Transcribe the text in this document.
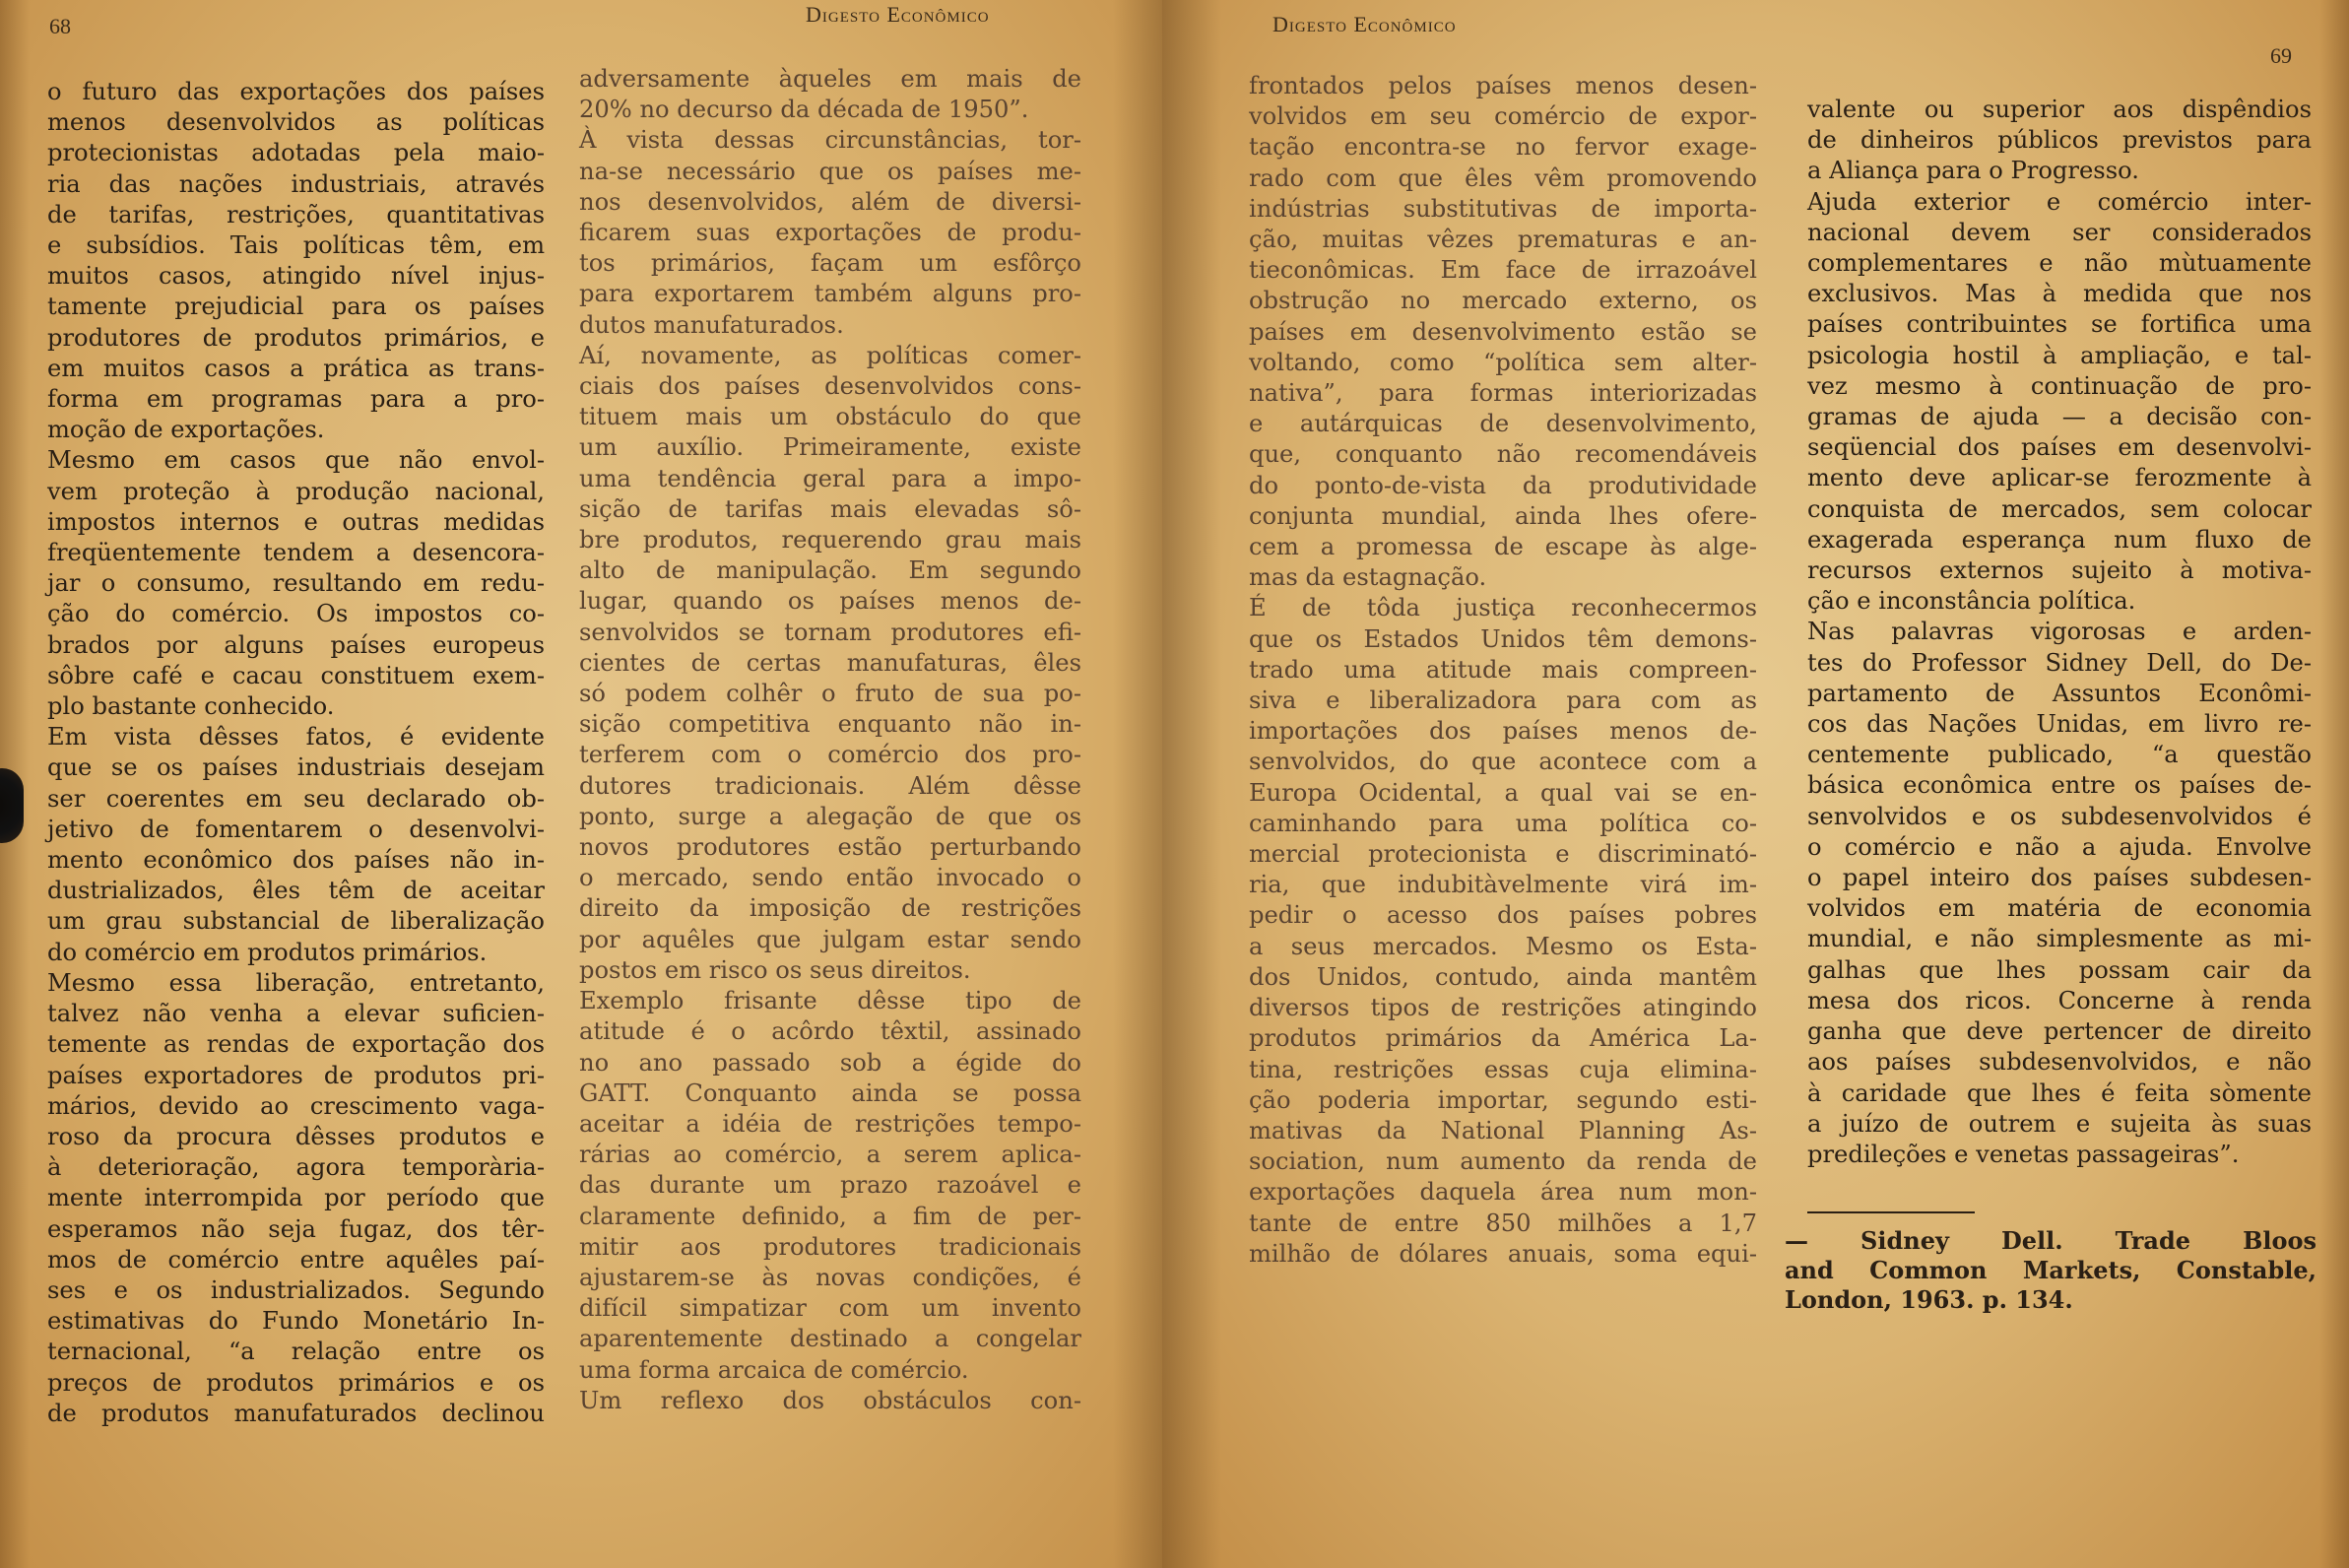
68	Digesto Econômico
o futuro das exportações dos países
menos desenvolvidos as políticas
protecionistas adotadas pela maio-
ria das nações industriais, através
de tarifas, restrições, quantitativas
e subsídios. Tais políticas têm, em
muitos casos, atingido nível injus-
tamente prejudicial para os países
produtores de produtos primários, e
em muitos casos a prática as trans-
forma em programas para a pro-
moção de exportações.
Mesmo em casos que não envol-
vem proteção à produção nacional,
impostos internos e outras medidas
freqüentemente tendem a desencora-
jar o consumo, resultando em redu-
ção do comércio. Os impostos co-
brados por alguns países europeus
sôbre café e cacau constituem exem-
plo bastante conhecido.
Em vista dêsses fatos, é evidente
que se os países industriais desejam
ser coerentes em seu declarado ob-
jetivo de fomentarem o desenvolvi-
mento econômico dos países não in-
dustrializados, êles têm de aceitar
um grau substancial de liberalização
do comércio em produtos primários.
Mesmo essa liberação, entretanto,
talvez não venha a elevar suficien-
temente as rendas de exportação dos
países exportadores de produtos pri-
mários, devido ao crescimento vaga-
roso da procura dêsses produtos e
à deterioração, agora temporària-
mente interrompida por período que
esperamos não seja fugaz, dos têr-
mos de comércio entre aquêles paí-
ses e os industrializados. Segundo
estimativas do Fundo Monetário In-
ternacional, “a relação entre os
preços de produtos primários e os
de produtos manufaturados declinou
adversamente àqueles em mais de
20% no decurso da década de 1950”.
À vista dessas circunstâncias, tor-
na-se necessário que os países me-
nos desenvolvidos, além de diversi-
ficarem suas exportações de produ-
tos primários, façam um esfôrço
para exportarem também alguns pro-
dutos manufaturados.
Aí, novamente, as políticas comer-
ciais dos países desenvolvidos cons-
tituem mais um obstáculo do que
um auxílio. Primeiramente, existe
uma tendência geral para a impo-
sição de tarifas mais elevadas sô-
bre produtos, requerendo grau mais
alto de manipulação. Em segundo
lugar, quando os países menos de-
senvolvidos se tornam produtores efi-
cientes de certas manufaturas, êles
só podem colhêr o fruto de sua po-
sição competitiva enquanto não in-
terferem com o comércio dos pro-
dutores tradicionais. Além dêsse
ponto, surge a alegação de que os
novos produtores estão perturbando
o mercado, sendo então invocado o
direito da imposição de restrições
por aquêles que julgam estar sendo
postos em risco os seus direitos.
Exemplo frisante dêsse tipo de
atitude é o acôrdo têxtil, assinado
no ano passado sob a égide do
GATT. Conquanto ainda se possa
aceitar a idéia de restrições tempo-
rárias ao comércio, a serem aplica-
das durante um prazo razoável e
claramente definido, a fim de per-
mitir aos produtores tradicionais
ajustarem-se às novas condições, é
difícil simpatizar com um invento
aparentemente destinado a congelar
uma forma arcaica de comércio.
Um reflexo dos obstáculos con-
Digesto Econômico
69
frontados pelos países menos desen-
volvidos em seu comércio de expor-
tação encontra-se no fervor exage-
rado com que êles vêm promovendo
indústrias substitutivas de importa-
ção, muitas vêzes prematuras e an-
tieconômicas. Em face de irrazoável
obstrução no mercado externo, os
países em desenvolvimento estão se
voltando, como “política sem alter-
nativa”, para formas interiorizadas
e autárquicas de desenvolvimento,
que, conquanto não recomendáveis
do ponto-de-vista da produtividade
conjunta mundial, ainda lhes ofere-
cem a promessa de escape às alge-
mas da estagnação.
É de tôda justiça reconhecermos
que os Estados Unidos têm demons-
trado uma atitude mais compreen-
siva e liberalizadora para com as
importações dos países menos de-
senvolvidos, do que acontece com a
Europa Ocidental, a qual vai se en-
caminhando para uma política co-
mercial protecionista e discriminató-
ria, que indubitàvelmente virá im-
pedir o acesso dos países pobres
a seus mercados. Mesmo os Esta-
dos Unidos, contudo, ainda mantêm
diversos tipos de restrições atingindo
produtos primários da América La-
tina, restrições essas cuja elimina-
ção poderia importar, segundo esti-
mativas da National Planning As-
sociation, num aumento da renda de
exportações daquela área num mon-
tante de entre 850 milhões a 1,7
milhão de dólares anuais, soma equi-
valente ou superior aos dispêndios
de dinheiros públicos previstos para
a Aliança para o Progresso.
Ajuda exterior e comércio inter-
nacional devem ser considerados
complementares e não mùtuamente
exclusivos. Mas à medida que nos
países contribuintes se fortifica uma
psicologia hostil à ampliação, e tal-
vez mesmo à continuação de pro-
gramas de ajuda — a decisão con-
seqüencial dos países em desenvolvi-
mento deve aplicar-se ferozmente à
conquista de mercados, sem colocar
exagerada esperança num fluxo de
recursos externos sujeito à motiva-
ção e inconstância política.
Nas palavras vigorosas e arden-
tes do Professor Sidney Dell, do De-
partamento de Assuntos Econômi-
cos das Nações Unidas, em livro re-
centemente publicado, “a questão
básica econômica entre os países de-
senvolvidos e os subdesenvolvidos é
o comércio e não a ajuda. Envolve
o papel inteiro dos países subdesen-
volvidos em matéria de economia
mundial, e não simplesmente as mi-
galhas que lhes possam cair da
mesa dos ricos. Concerne à renda
ganha que deve pertencer de direito
aos países subdesenvolvidos, e não
à caridade que lhes é feita sòmente
a juízo de outrem e sujeita às suas
predileções e venetas passageiras”.
— Sidney Dell. Trade Bloos
and Common Markets, Constable,
London, 1963. p. 134.
